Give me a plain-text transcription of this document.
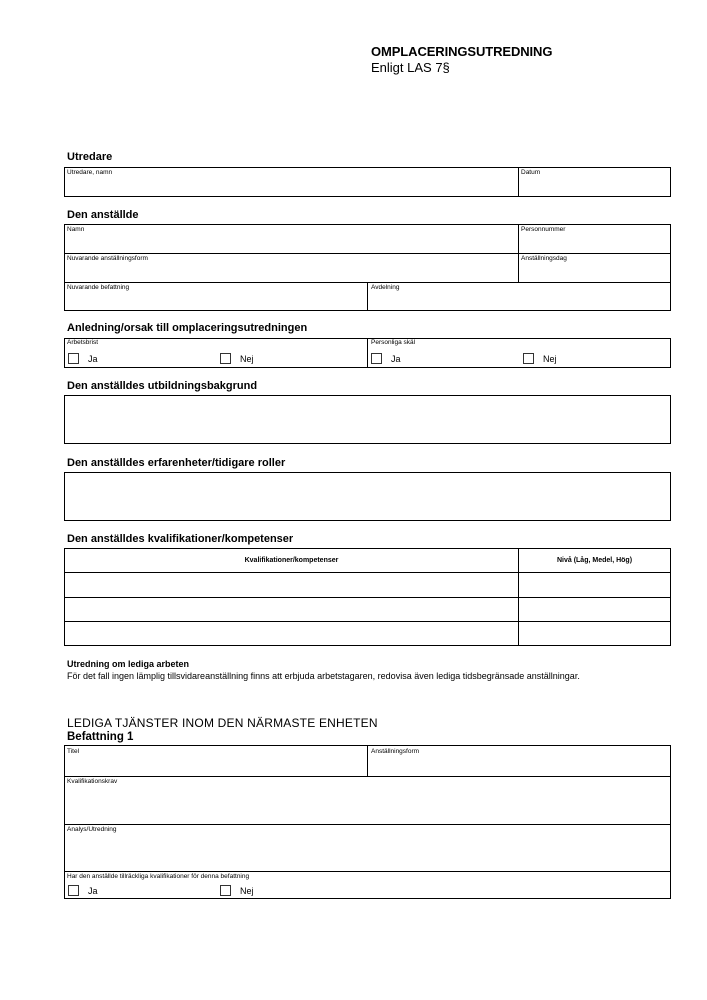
OMPLACERINGSUTREDNING
Enligt LAS 7§
Utredare
Utredare, namn	Datum
Den anställde
Namn	Personnummer
Nuvarande anställningsform	Anställningsdag
Nuvarande befattning	Avdelning
Anledning/orsak till omplaceringsutredningen
Arbetsbrist	Personliga skäl
Ja	Nej	Ja	Nej
Den anställdes utbildningsbakgrund
Den anställdes erfarenheter/tidigare roller
Den anställdes kvalifikationer/kompetenser
Kvalifikationer/kompetenser	Nivå (Låg, Medel, Hög)
Utredning om lediga arbeten
För det fall ingen lämplig tillsvidareanställning finns att erbjuda arbetstagaren, redovisa även lediga tidsbegränsade anställningar.
LEDIGA TJÄNSTER INOM DEN NÄRMASTE ENHETEN
Befattning 1
Titel	Anställningsform
Kvalifikationskrav
Analys/Utredning
Har den anställde tillräckliga kvalifikationer för denna befattning
Ja	Nej
